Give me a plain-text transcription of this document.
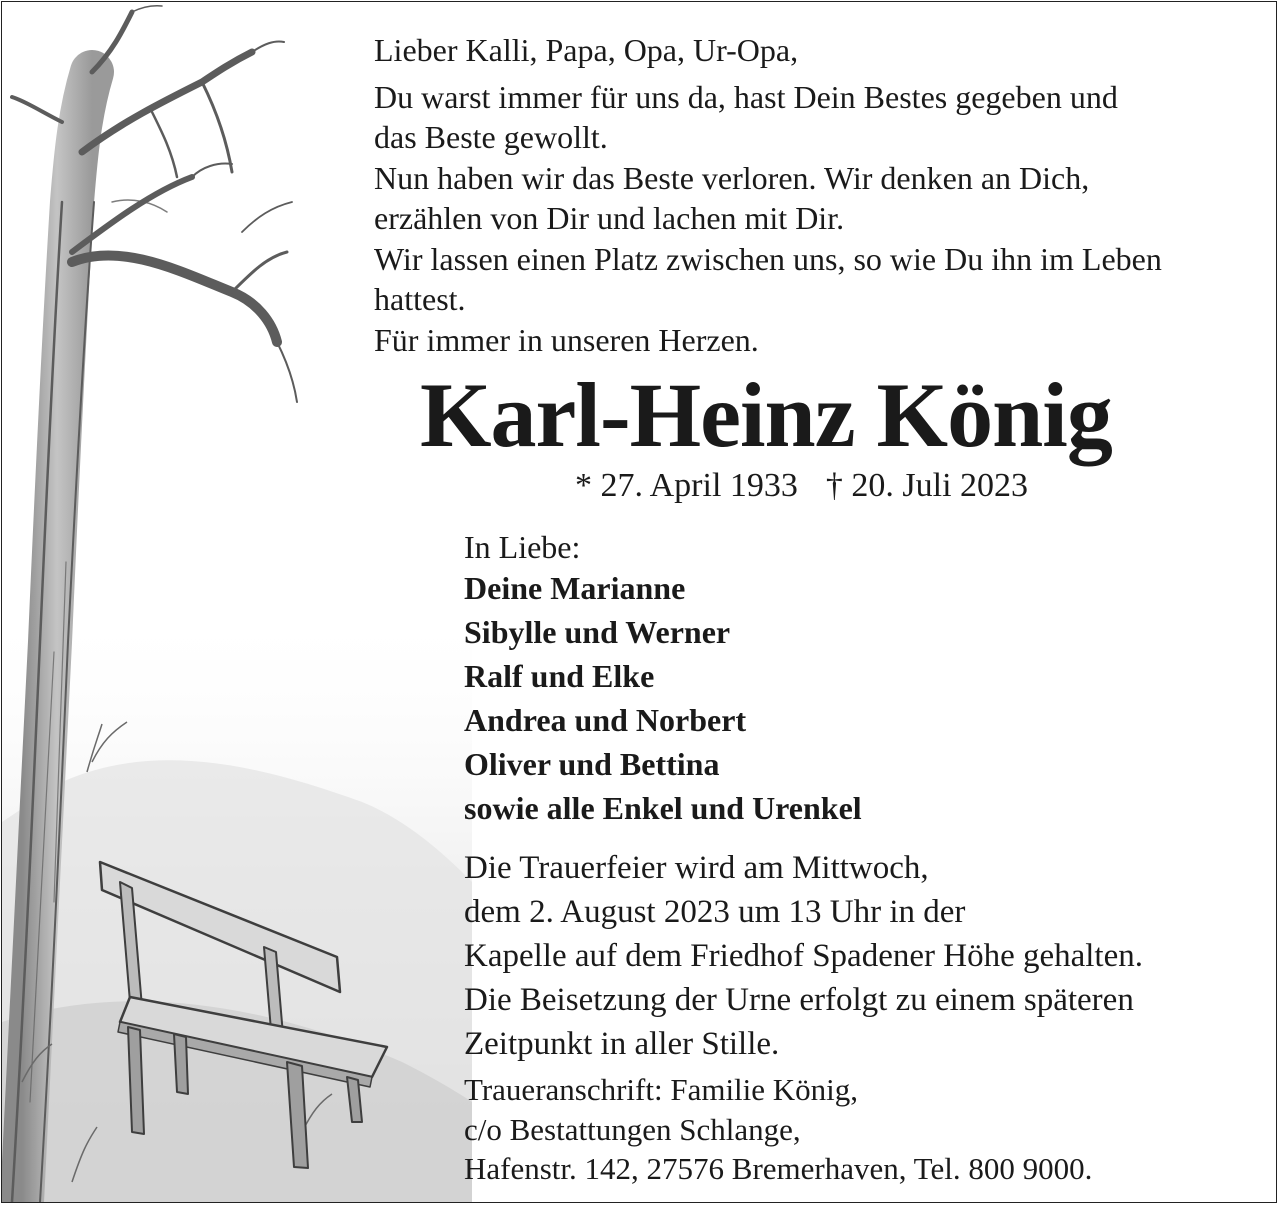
Lieber Kalli, Papa, Opa, Ur-Opa,

Du warst immer für uns da, hast Dein Bestes gegeben und

das Beste gewollt.

Nun haben wir das Beste verloren. Wir denken an Dich,

erzählen von Dir und lachen mit Dir.

Wir lassen einen Platz zwischen uns, so wie Du ihn im Leben

hattest.

Für immer in unseren Herzen.

Karl-Heinz König
* 27. April 1933 † 20. Juli 2023

In Liebe:

Deine Marianne
Sibylle und Werner
Ralf und Elke
Andrea und Norbert
Oliver und Bettina
sowie alle Enkel und Urenkel

Die Trauerfeier wird am Mittwoch,

dem 2. August 2023 um 13 Uhr in der

Kapelle auf dem Friedhof Spadener Höhe gehalten.

Die Beisetzung der Urne erfolgt zu einem späteren

Zeitpunkt in aller Stille.

Traueranschrift: Familie König,

c/o Bestattungen Schlange,

Hafenstr. 142, 27576 Bremerhaven, Tel. 800 9000.
